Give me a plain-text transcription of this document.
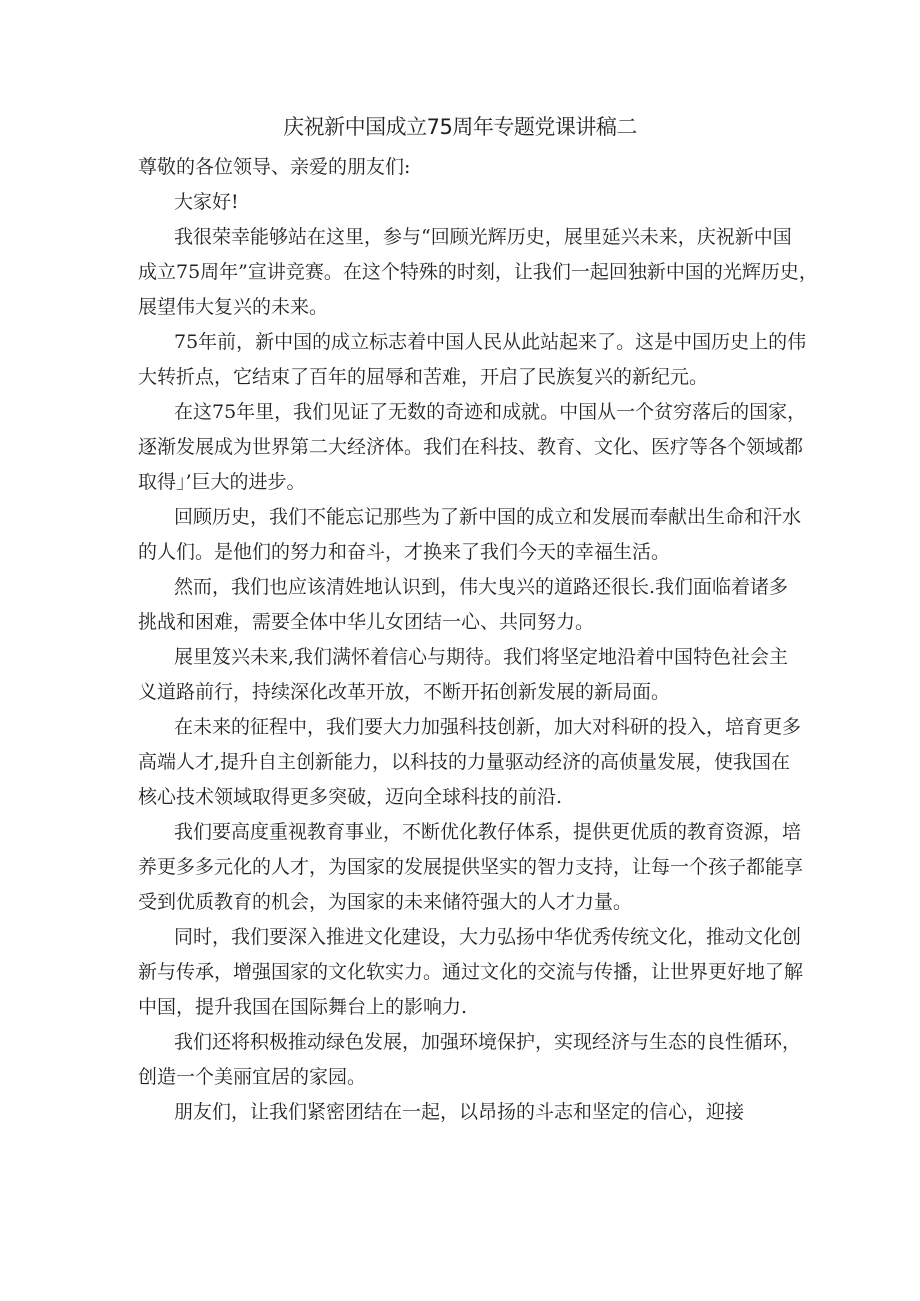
庆祝新中国成立75周年专题党课讲稿二

尊敬的各位领导、亲爱的朋友们:

大家好!

我很荣幸能够站在这里，参与“回顾光辉历史，展里延兴未来，庆祝新中国

成立75周年”宣讲竞赛。在这个特殊的时刻，让我们一起回独新中国的光辉历史，

展望伟大复兴的未来。

75年前，新中国的成立标志着中国人民从此站起来了。这是中国历史上的伟

大转折点，它结束了百年的屈辱和苦难，开启了民族复兴的新纪元。

在这75年里，我们见证了无数的奇迹和成就。中国从一个贫穷落后的国家，

逐渐发展成为世界第二大经济体。我们在科技、教育、文化、医疗等各个领域都

取得」’巨大的进步。

回顾历史，我们不能忘记那些为了新中国的成立和发展而奉献出生命和汗水

的人们。是他们的努力和奋斗，才换来了我们今天的幸福生活。

然而，我们也应该清姓地认识到，伟大曳兴的道路还很长.我们面临着诸多

挑战和困难，需要全体中华儿女团结一心、共同努力。

展里笈兴未来,我们满怀着信心与期待。我们将坚定地沿着中国特色社会主

义道路前行，持续深化改革开放，不断开拓创新发展的新局面。

在未来的征程中，我们要大力加强科技创新，加大对科研的投入，培育更多

高端人才,提升自主创新能力，以科技的力量驱动经济的高侦量发展，使我国在

核心技术领域取得更多突破，迈向全球科技的前沿.

我们要高度重视教育事业，不断优化教仔体系，提供更优质的教育资源，培

养更多多元化的人才，为国家的发展提供坚实的智力支持，让每一个孩子都能享

受到优质教育的机会，为国家的未来储符强大的人才力量。

同时，我们要深入推进文化建设，大力弘扬中华优秀传统文化，推动文化创

新与传承，增强国家的文化软实力。通过文化的交流与传播，让世界更好地了解

中国，提升我国在国际舞台上的影响力.

我们还将积极推动绿色发展，加强环境保护，实现经济与生态的良性循环，

创造一个美丽宜居的家园。

朋友们，让我们紧密团结在一起，以昂扬的斗志和坚定的信心，迎接
